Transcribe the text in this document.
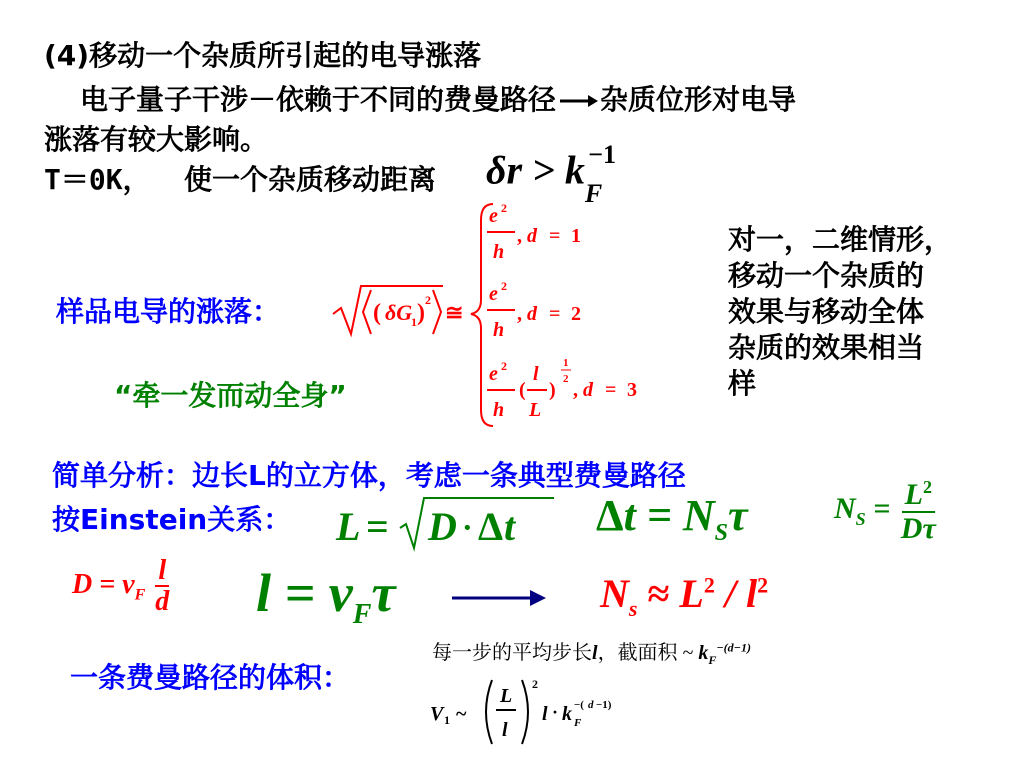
(4)移动一个杂质所引起的电导涨落
电子量子干涉－依赖于不同的费曼路径 杂质位形对电导
涨落有较大影响。
T＝0K， 使一个杂质移动距离 $\delta r > k_F^{-1}$
样品电导的涨落：	( δG
1 ) 2 ≅
e 2
h
, d = 1
e 2
h
, d = 2
e 2
h
(
l
L
)
1
2 , d = 3
对一，二维情形，
移动一个杂质的
效果与移动全体
杂质的效果相当
样
“牵一发而动全身”
简单分析：边长L的立方体，考虑一条典型费曼路径
按Einstein关系： L = D · Δ t $\Delta t = N_S\tau$	$N_S = \frac{L^2}{D\tau}$
$D = v_F \frac{l}{d}$ $l = v_F\tau$	$N_s \approx L^2 / l^2$
一条费曼路径的体积：
每一步的平均步长l，截面积 ~ $k_F^{-(d-1)}$
V 1 ~
L
l
2
l · k F
−( d −1)
